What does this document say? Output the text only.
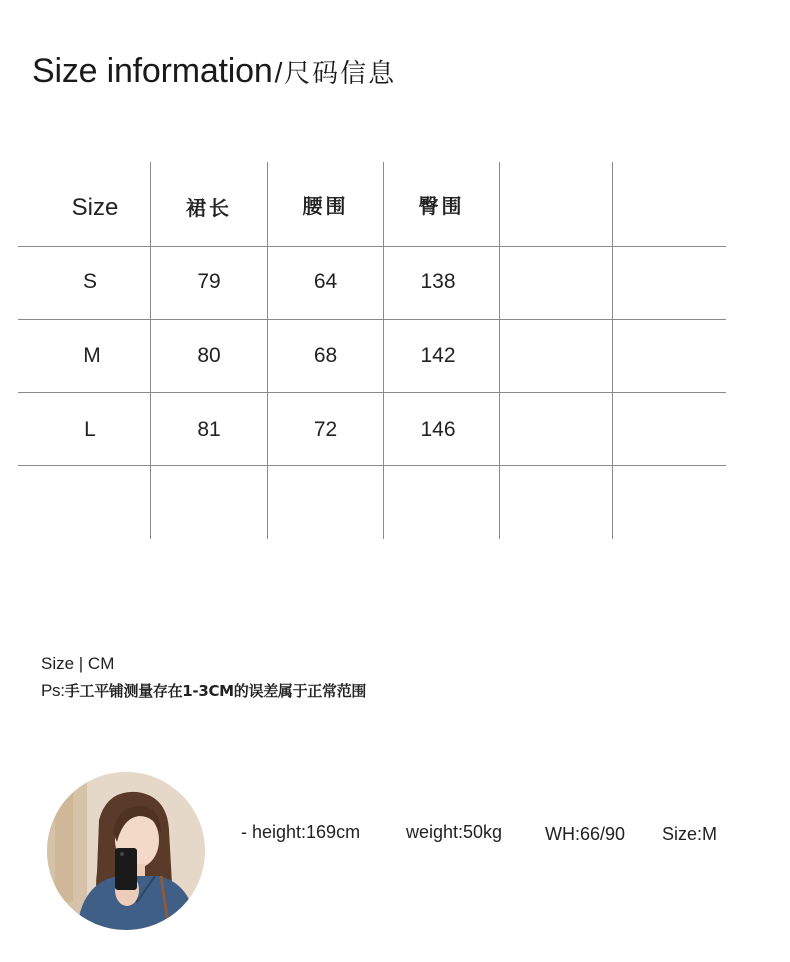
Size information/尺码信息
Size	裙长	腰围	臀围
S	79	64	138
M	80	68	142
L	81	72	146
Size | CM
Ps:手工平铺测量存在1-3CM的误差属于正常范围
- height:169cm	weight:50kg WH:66/90 Size:M
